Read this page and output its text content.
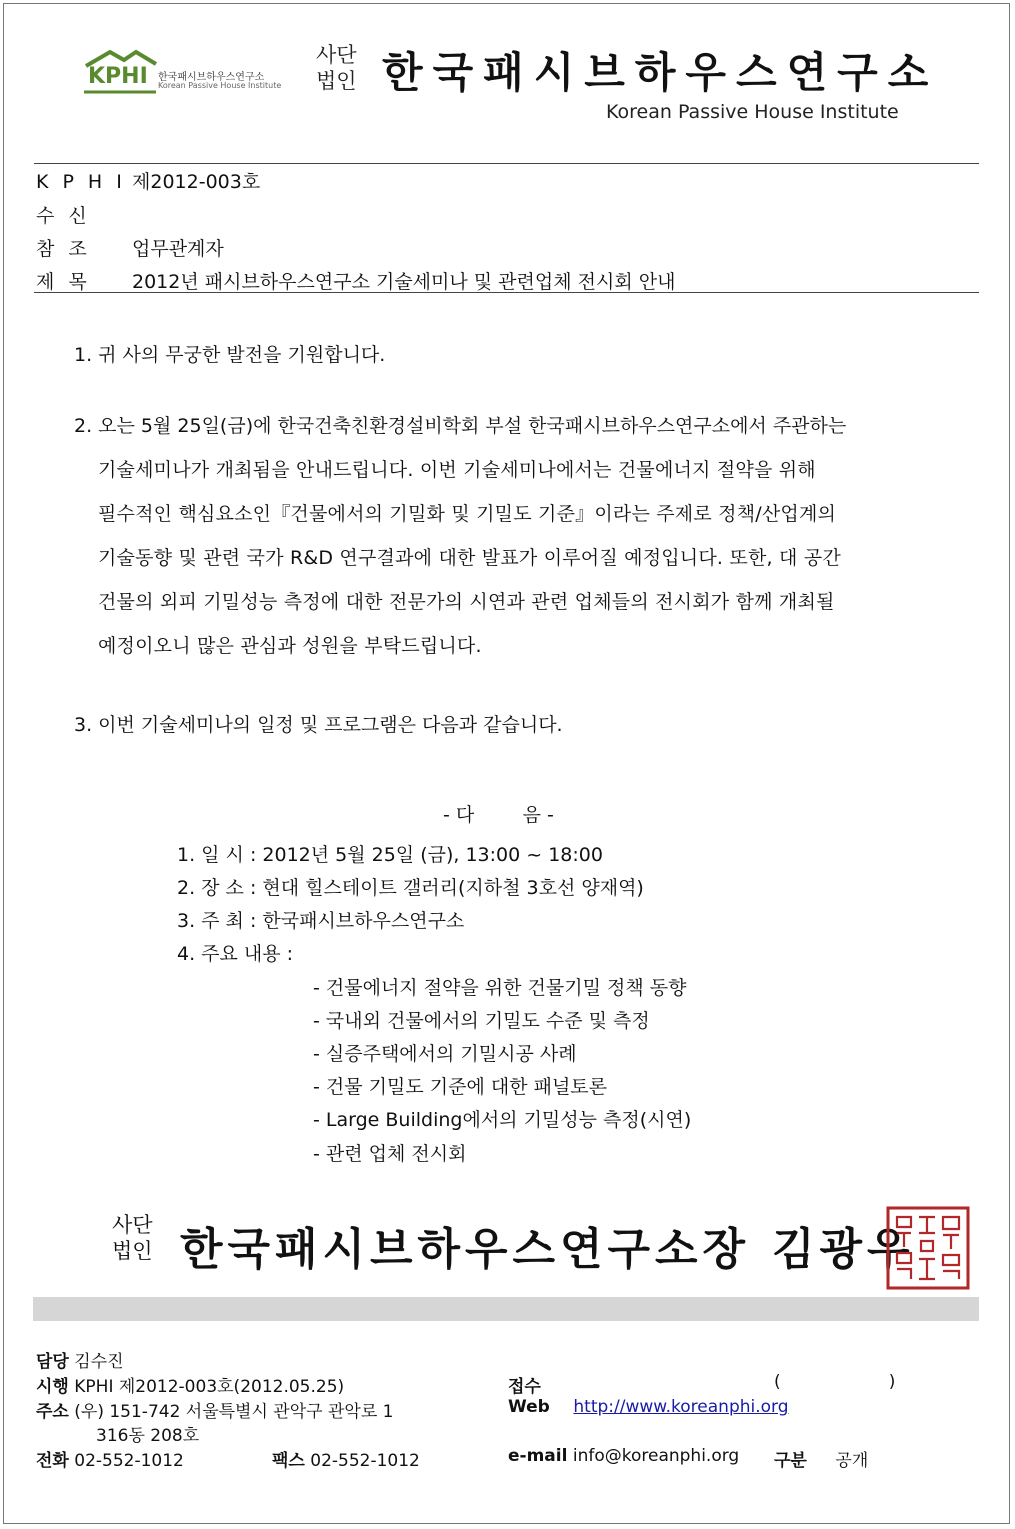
KPHI 한국패시브하우스연구소
Korean Passive House Institute
사단
법인 한국패시브하우스연구소
Korean Passive House Institute
KPHI제2012-003호
수신
참조 업무관계자
제목 2012년 패시브하우스연구소 기술세미나 및 관련업체 전시회 안내
1. 귀 사의 무궁한 발전을 기원합니다.
2. 오는 5월 25일(금)에 한국건축친환경설비학회 부설 한국패시브하우스연구소에서 주관하는
기술세미나가 개최됨을 안내드립니다. 이번 기술세미나에서는 건물에너지 절약을 위해
필수적인 핵심요소인『건물에서의 기밀화 및 기밀도 기준』이라는 주제로 정책/산업계의
기술동향 및 관련 국가 R&D 연구결과에 대한 발표가 이루어질 예정입니다. 또한, 대 공간
건물의 외피 기밀성능 측정에 대한 전문가의 시연과 관련 업체들의 전시회가 함께 개최될
예정이오니 많은 관심과 성원을 부탁드립니다.
3. 이번 기술세미나의 일정 및 프로그램은 다음과 같습니다.
- 다        음 -
1. 일 시 : 2012년 5월 25일 (금), 13:00 ~ 18:00
2. 장 소 : 현대 힐스테이트 갤러리(지하철 3호선 양재역)
3. 주 최 : 한국패시브하우스연구소
4. 주요 내용 :
- 건물에너지 절약을 위한 건물기밀 정책 동향
- 국내외 건물에서의 기밀도 수준 및 측정
- 실증주택에서의 기밀시공 사례
- 건물 기밀도 기준에 대한 패널토론
- Large Building에서의 기밀성능 측정(시연)
- 관련 업체 전시회
사단
법인 한국패시브하우스연구소장 김광우
담당 김수진
시행 KPHI 제2012-003호(2012.05.25)
주소 (우) 151-742 서울특별시 관악구 관악로 1
316동 208호
전화 02-552-1012	팩스 02-552-1012
접수	(                    )
Web http://www.koreanphi.org
e-mail info@koreanphi.org 구분 공개
